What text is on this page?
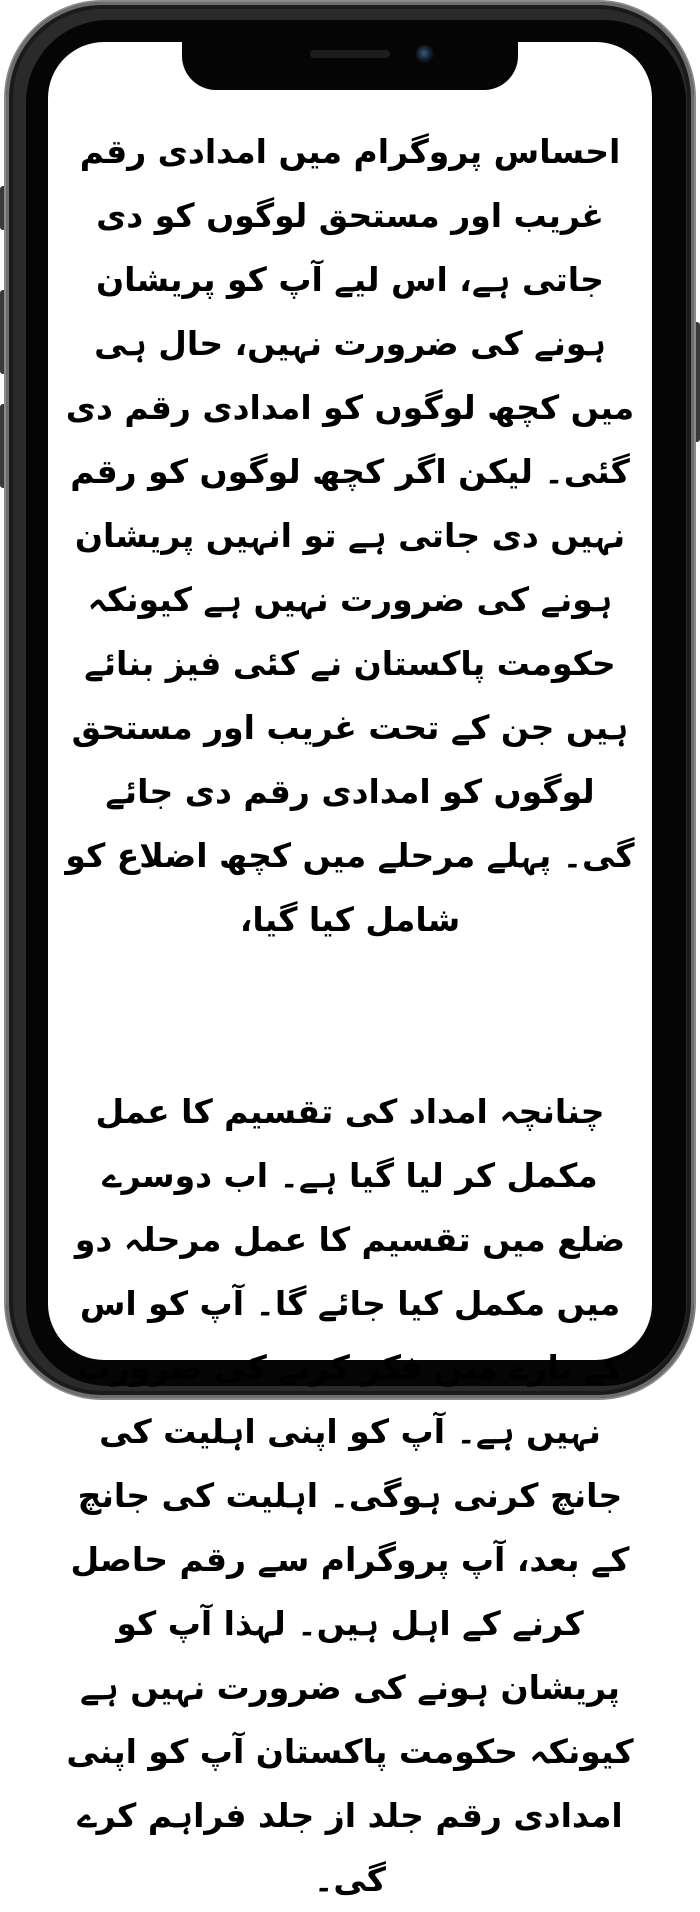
احساس پروگرام میں امدادی رقم غریب اور مستحق لوگوں کو دی جاتی ہے، اس لیے آپ کو پریشان ہونے کی ضرورت نہیں، حال ہی میں کچھ لوگوں کو امدادی رقم دی گئی۔ لیکن اگر کچھ لوگوں کو رقم نہیں دی جاتی ہے تو انہیں پریشان ہونے کی ضرورت نہیں ہے کیونکہ حکومت پاکستان نے کئی فیز بنائے ہیں جن کے تحت غریب اور مستحق لوگوں کو امدادی رقم دی جائے گی۔ پہلے مرحلے میں کچھ اضلاع کو شامل کیا گیا،

چنانچہ امداد کی تقسیم کا عمل مکمل کر لیا گیا ہے۔ اب دوسرے ضلع میں تقسیم کا عمل مرحلہ دو میں مکمل کیا جائے گا۔ آپ کو اس کے بارے میں فکر کرنے کی ضرورت نہیں ہے۔ آپ کو اپنی اہلیت کی جانچ کرنی ہوگی۔ اہلیت کی جانچ کے بعد، آپ پروگرام سے رقم حاصل کرنے کے اہل ہیں۔ لہذا آپ کو پریشان ہونے کی ضرورت نہیں ہے کیونکہ حکومت پاکستان آپ کو اپنی امدادی رقم جلد از جلد فراہم کرے گی۔
